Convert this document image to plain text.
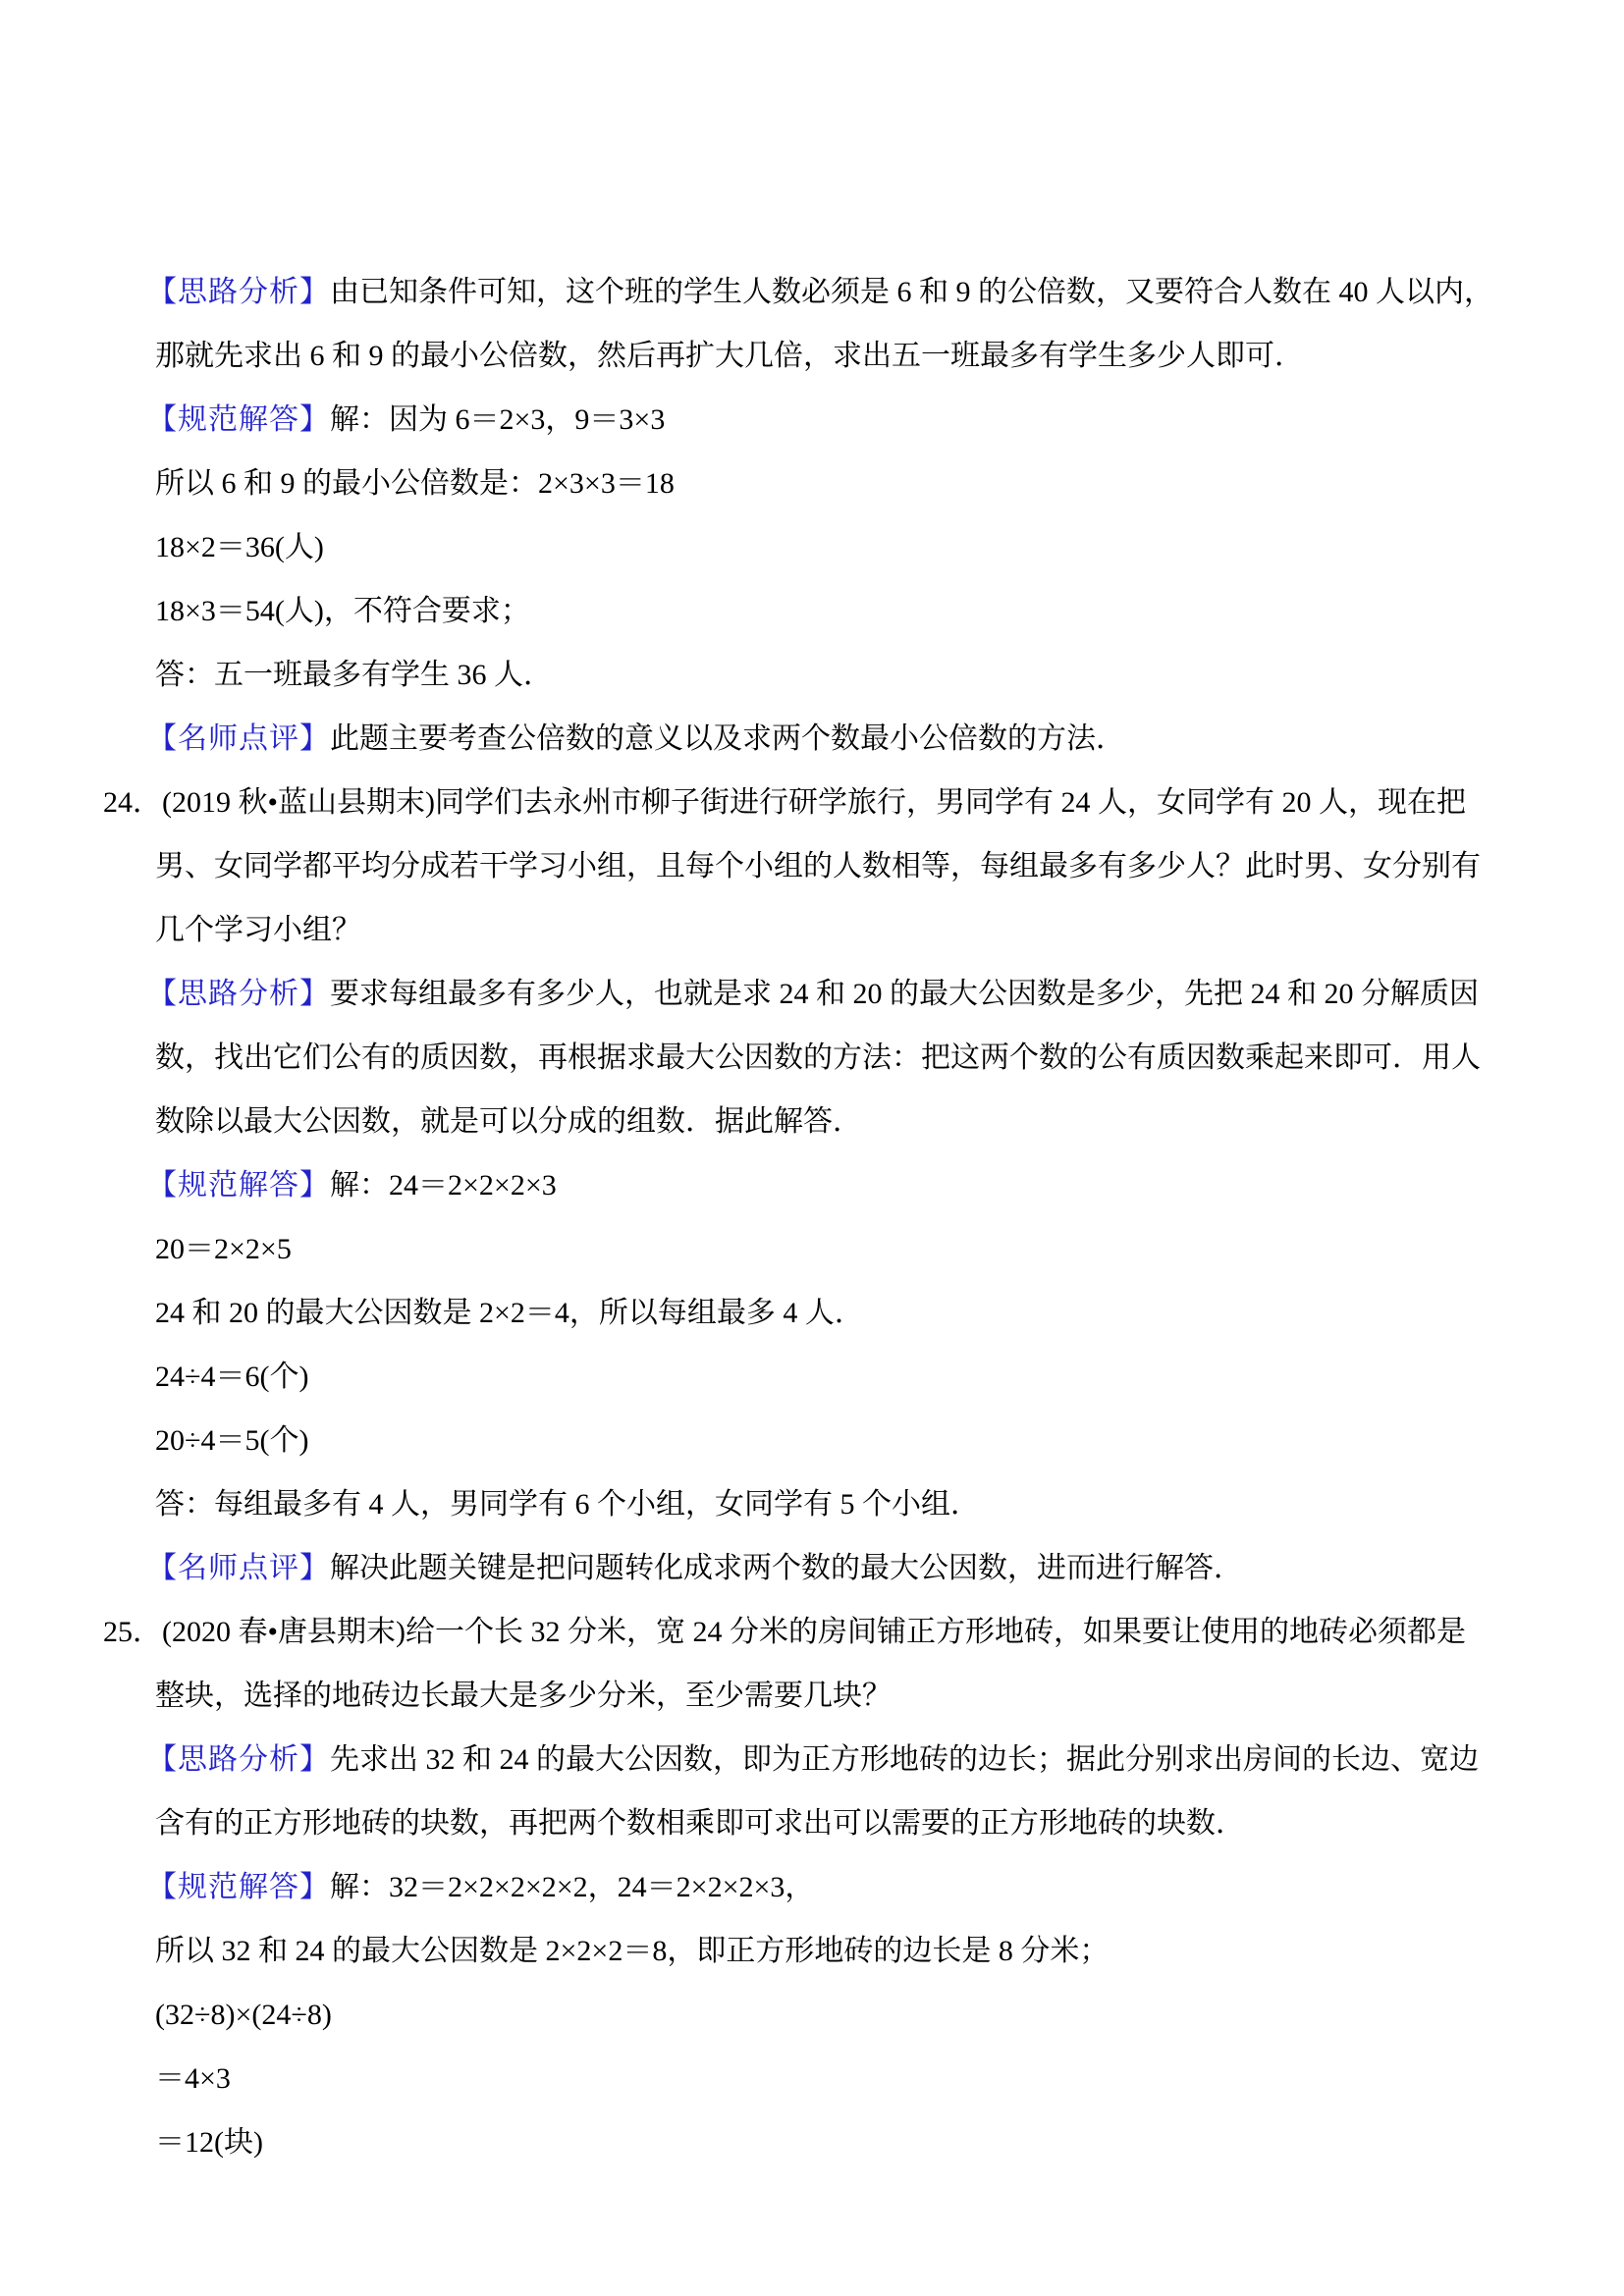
【思路分析】由已知条件可知，这个班的学生人数必须是 6 和 9 的公倍数，又要符合人数在 40 人以内，

那就先求出 6 和 9 的最小公倍数，然后再扩大几倍，求出五一班最多有学生多少人即可．

【规范解答】解：因为 6＝2×3，9＝3×3

所以 6 和 9 的最小公倍数是：2×3×3＝18

18×2＝36(人)

18×3＝54(人)，不符合要求；

答：五一班最多有学生 36 人．

【名师点评】此题主要考查公倍数的意义以及求两个数最小公倍数的方法．

24．(2019 秋•蓝山县期末)同学们去永州市柳子街进行研学旅行，男同学有 24 人，女同学有 20 人，现在把

男、女同学都平均分成若干学习小组，且每个小组的人数相等，每组最多有多少人？此时男、女分别有

几个学习小组？

【思路分析】要求每组最多有多少人，也就是求 24 和 20 的最大公因数是多少，先把 24 和 20 分解质因

数，找出它们公有的质因数，再根据求最大公因数的方法：把这两个数的公有质因数乘起来即可．用人

数除以最大公因数，就是可以分成的组数．据此解答．

【规范解答】解：24＝2×2×2×3

20＝2×2×5

24 和 20 的最大公因数是 2×2＝4，所以每组最多 4 人．

24÷4＝6(个)

20÷4＝5(个)

答：每组最多有 4 人，男同学有 6 个小组，女同学有 5 个小组．

【名师点评】解决此题关键是把问题转化成求两个数的最大公因数，进而进行解答．

25．(2020 春•唐县期末)给一个长 32 分米，宽 24 分米的房间铺正方形地砖，如果要让使用的地砖必须都是

整块，选择的地砖边长最大是多少分米，至少需要几块？

【思路分析】先求出 32 和 24 的最大公因数，即为正方形地砖的边长；据此分别求出房间的长边、宽边

含有的正方形地砖的块数，再把两个数相乘即可求出可以需要的正方形地砖的块数．

【规范解答】解：32＝2×2×2×2×2，24＝2×2×2×3，

所以 32 和 24 的最大公因数是 2×2×2＝8，即正方形地砖的边长是 8 分米；

(32÷8)×(24÷8)

＝4×3

＝12(块)
